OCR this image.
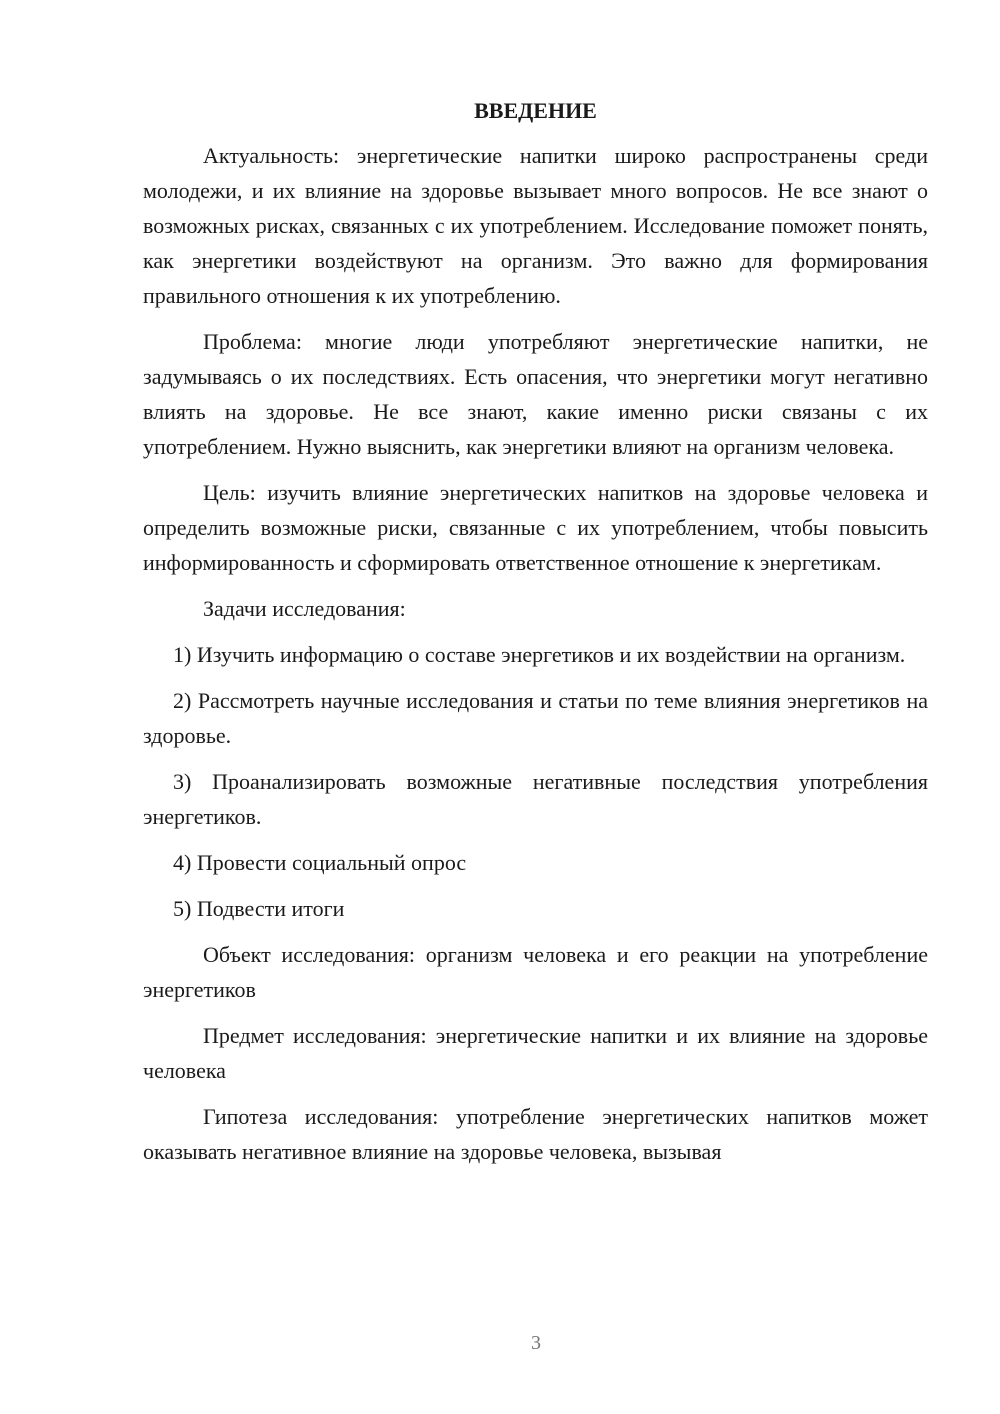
ВВЕДЕНИЕ

Актуальность: энергетические напитки широко распространены среди молодежи, и их влияние на здоровье вызывает много вопросов. Не все знают о возможных рисках, связанных с их употреблением. Исследование поможет понять, как энергетики воздействуют на организм. Это важно для формирования правильного отношения к их употреблению.

Проблема: многие люди употребляют энергетические напитки, не задумываясь о их последствиях. Есть опасения, что энергетики могут негативно влиять на здоровье. Не все знают, какие именно риски связаны с их употреблением. Нужно выяснить, как энергетики влияют на организм человека.

Цель: изучить влияние энергетических напитков на здоровье человека и определить возможные риски, связанные с их употреблением, чтобы повысить информированность и сформировать ответственное отношение к энергетикам.

Задачи исследования:

1) Изучить информацию о составе энергетиков и их воздействии на организм.

2) Рассмотреть научные исследования и статьи по теме влияния энергетиков на здоровье.

3) Проанализировать возможные негативные последствия употребления энергетиков.

4) Провести социальный опрос

5) Подвести итоги

Объект исследования: организм человека и его реакции на употребление энергетиков

Предмет исследования: энергетические напитки и их влияние на здоровье человека

Гипотеза исследования: употребление энергетических напитков может оказывать негативное влияние на здоровье человека, вызывая

3
